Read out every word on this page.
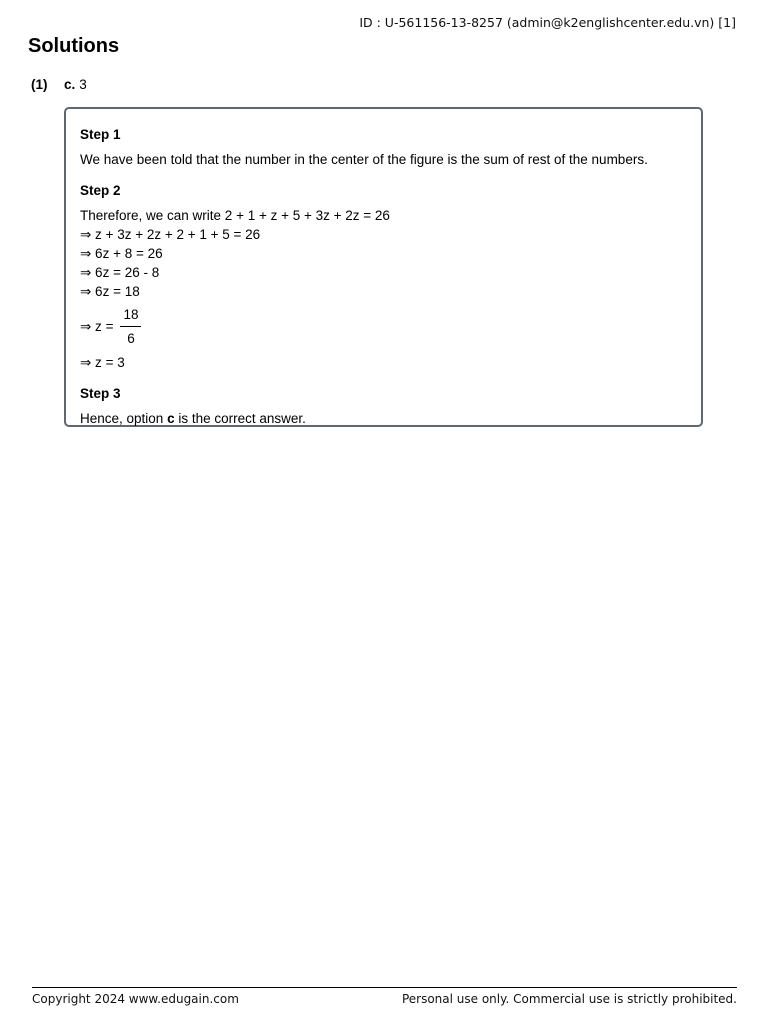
ID : U-561156-13-8257 (admin@k2englishcenter.edu.vn) [1]
Solutions
(1)	c. 3
Step 1
We have been told that the number in the center of the figure is the sum of rest of the numbers.
Step 2
Therefore, we can write 2 + 1 + z + 5 + 3z + 2z = 26
⇒ z + 3z + 2z + 2 + 1 + 5 = 26
⇒ 6z + 8 = 26
⇒ 6z = 26 - 8
⇒ 6z = 18
⇒ $z = \frac{18}{6}$
⇒ z = 3
Step 3
Hence, option c is the correct answer.
Copyright 2024 www.edugain.com	Personal use only. Commercial use is strictly prohibited.
